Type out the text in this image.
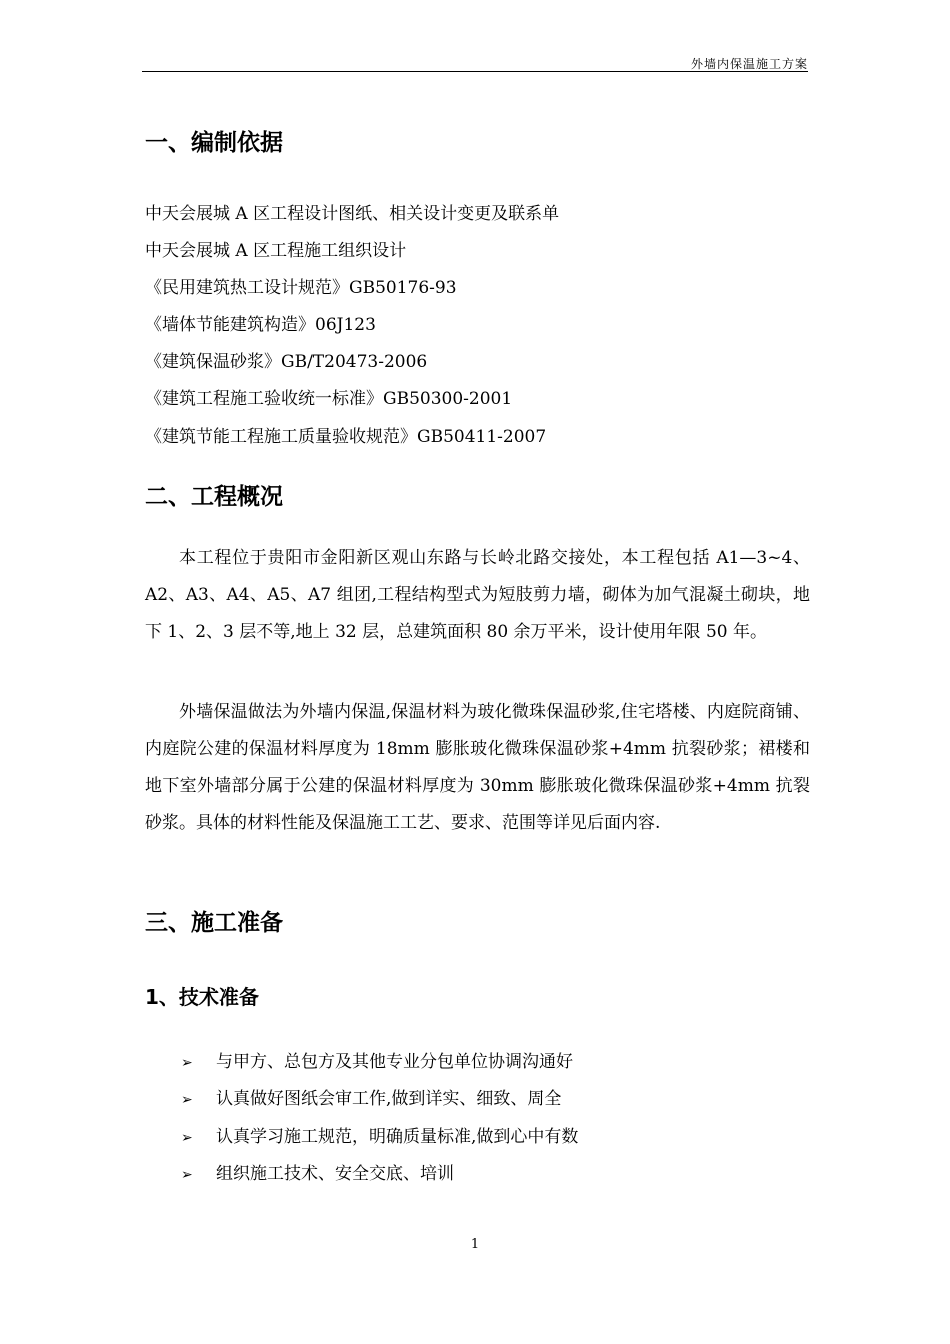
外墙内保温施工方案
一、编制依据
中天会展城 A 区工程设计图纸、相关设计变更及联系单
中天会展城 A 区工程施工组织设计
《民用建筑热工设计规范》GB50176-93
《墙体节能建筑构造》06J123
《建筑保温砂浆》GB/T20473-2006
《建筑工程施工验收统一标准》GB50300-2001
《建筑节能工程施工质量验收规范》GB50411-2007
二、工程概况

本工程位于贵阳市金阳新区观山东路与长岭北路交接处，本工程包括 A1—3~4、A2、A3、A4、A5、A7 组团,工程结构型式为短肢剪力墙，砌体为加气混凝土砌块，地下 1、2、3 层不等,地上 32 层，总建筑面积 80 余万平米，设计使用年限 50 年。

外墙保温做法为外墙内保温,保温材料为玻化微珠保温砂浆,住宅塔楼、内庭院商铺、内庭院公建的保温材料厚度为 18mm 膨胀玻化微珠保温砂浆+4mm 抗裂砂浆；裙楼和地下室外墙部分属于公建的保温材料厚度为 30mm 膨胀玻化微珠保温砂浆+4mm 抗裂砂浆。具体的材料性能及保温施工工艺、要求、范围等详见后面内容.

三、施工准备
1、技术准备
➢ 与甲方、总包方及其他专业分包单位协调沟通好
➢ 认真做好图纸会审工作,做到详实、细致、周全
➢ 认真学习施工规范，明确质量标准,做到心中有数
➢ 组织施工技术、安全交底、培训
1
